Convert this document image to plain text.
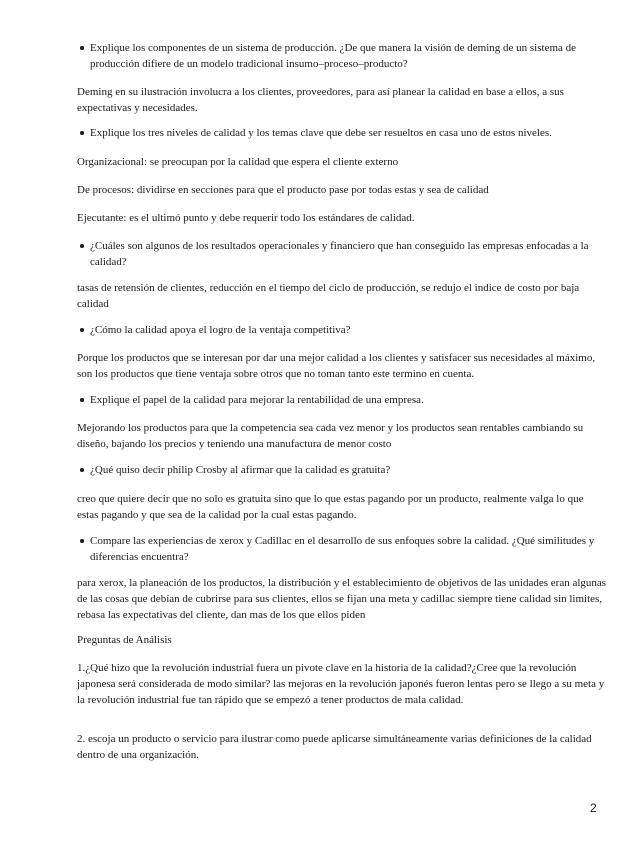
Explique los componentes de un sistema de producción. ¿De que manera la visión de deming de un sistema de producción difiere de un modelo tradicional insumo–proceso–producto?
Deming en su ilustración involucra a los clientes, proveedores, para así planear la calidad en base a ellos, a sus expectativas y necesidades.
Explique los tres niveles de calidad y los temas clave que debe ser resueltos en casa uno de estos niveles.
Organizacional: se preocupan por la calidad que espera el cliente externo
De procesos: dividirse en secciones para que el producto pase por todas estas y sea de calidad
Ejecutante: es el ultimó punto y debe requerir todo los estándares de calidad.
¿Cuáles son algunos de los resultados operacionales y financiero que han conseguido las empresas enfocadas a la calidad?
tasas de retensión de clientes, reducción en el tiempo del ciclo de producción, se redujo el indice de costo por baja calidad
¿Cómo la calidad apoya el logro de la ventaja competitiva?
Porque los productos que se interesan por dar una mejor calidad a los clientes y satisfacer sus necesidades al máximo, son los productos que tiene ventaja sobre otros que no toman tanto este termino en cuenta.
Explique el papel de la calidad para mejorar la rentabilidad de una empresa.
Mejorando los productos para que la competencia sea cada vez menor y los productos sean rentables cambiando su diseño, bajando los precios y teniendo una manufactura de menor costo
¿Qué quiso decir philip Crosby al afirmar que la calidad es gratuita?
creo que quiere decir que no solo es gratuita sino que lo que estas pagando por un producto, realmente valga lo que estas pagando y que sea de la calidad por la cual estas pagando.
Compare las experiencias de xerox y Cadillac en el desarrollo de sus enfoques sobre la calidad. ¿Qué similitudes y diferencias encuentra?
para xerox, la planeación de los productos, la distribución y el establecimiento de objetivos de las unidades eran algunas de las cosas que debían de cubrirse para sus clientes, ellos se fijan una meta y cadillac siempre tiene calidad sin limites, rebasa las expectativas del cliente, dan mas de los que ellos piden
Preguntas de Análisis
1.¿Qué hizo que la revolución industrial fuera un pivote clave en la historia de la calidad?¿Cree que la revolución japonesa será considerada de modo similar? las mejoras en la revolución japonés fueron lentas pero se llego a su meta y la revolución industrial fue tan rápido que se empezó a tener productos de mala calidad.
2. escoja un producto o servicio para ilustrar como puede aplicarse simultáneamente varias definiciones de la calidad dentro de una organización.
2
